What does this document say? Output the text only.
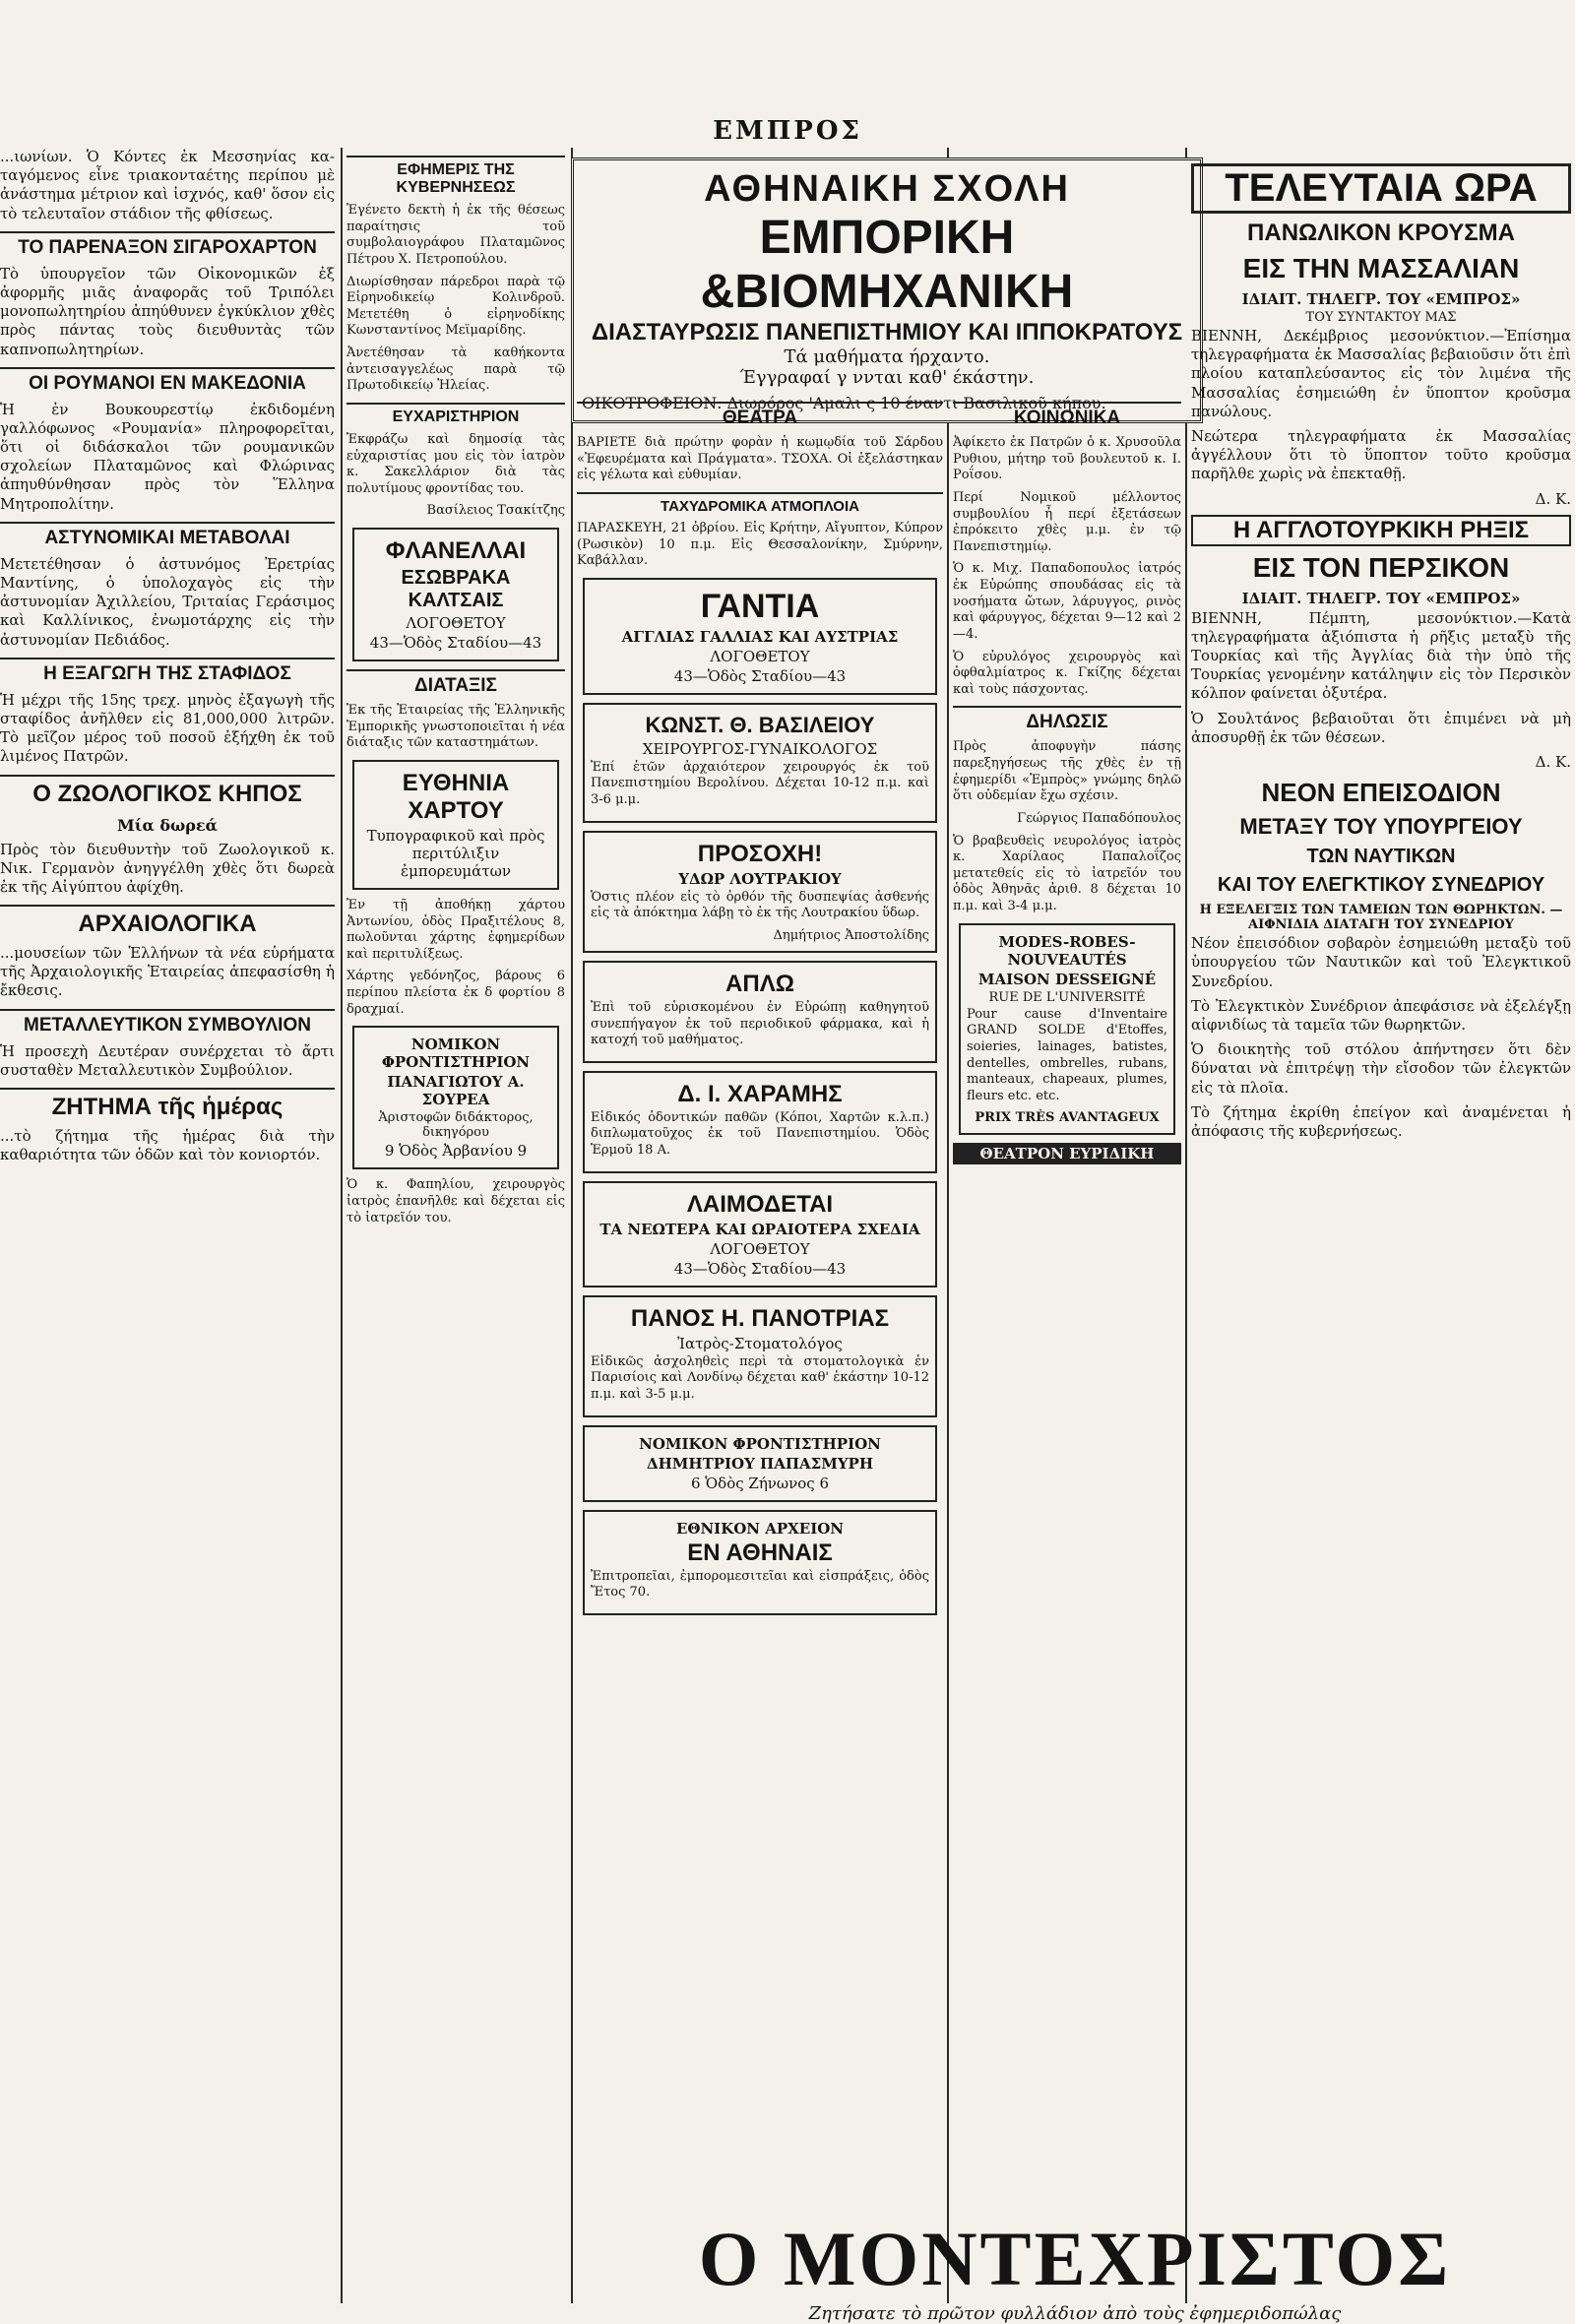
ΕΜΠΡΟΣ

...ιωνίων. Ὁ Κόντες ἐκ Μεσσηνίας καταγόμενος εἶνε τριακονταέτης περίπου μὲ ἀνάστημα μέτριον καὶ ἰσχνός, καθ' ὅσον εἰς τὸ τελευταῖον στάδιον τῆς φθίσεως.

ΤΟ ΠΑΡΕΝΑΞΟΝ ΣΙΓΑΡΟΧΑΡΤΟΝ

Τὸ ὑπουργεῖον τῶν Οἰκονομικῶν ἐξ ἀφορμῆς μιᾶς ἀναφορᾶς τοῦ Τριπόλει μονοπωλητηρίου ἀπηύθυνεν ἐγκύκλιον χθὲς πρὸς πάντας τοὺς διευθυντὰς τῶν καπνοπωλητηρίων.

ΟΙ ΡΟΥΜΑΝΟΙ ΕΝ ΜΑΚΕΔΟΝΙΑ

Ἡ ἐν Βουκουρεστίῳ ἐκδιδομένη γαλλόφωνος «Ρουμανία» πληροφορεῖται, ὅτι οἱ διδάσκαλοι τῶν ρουμανικῶν σχολείων Πλαταμῶνος καὶ Φλώρινας ἀπηυθύνθησαν πρὸς τὸν Ἕλληνα Μητροπολίτην.

ΑΣΤΥΝΟΜΙΚΑΙ ΜΕΤΑΒΟΛΑΙ

Μετετέθησαν ὁ ἀστυνόμος Ἐρετρίας Μαντίνης, ὁ ὑπολοχαγὸς εἰς τὴν ἀστυνομίαν Ἀχιλλείου, Τριταίας Γεράσιμος καὶ Καλλίνικος, ἐνωμοτάρχης εἰς τὴν ἀστυνομίαν Πεδιάδος.

Η ΕΞΑΓΩΓΗ ΤΗΣ ΣΤΑΦΙΔΟΣ

Ἡ μέχρι τῆς 15ης τρεχ. μηνὸς ἐξαγωγὴ τῆς σταφίδος ἀνῆλθεν εἰς 81,000,000 λιτρῶν. Τὸ μεῖζον μέρος τοῦ ποσοῦ ἐξήχθη ἐκ τοῦ λιμένος Πατρῶν.

Ο ΖΩΟΛΟΓΙΚΟΣ ΚΗΠΟΣ
Μία δωρεά

Πρὸς τὸν διευθυντὴν τοῦ Ζωολογικοῦ κ. Νικ. Γερμανὸν ἀνηγγέλθη χθὲς ὅτι δωρεὰ ἐκ τῆς Αἰγύπτου ἀφίχθη.

ΑΡΧΑΙΟΛΟΓΙΚΑ

...μουσείων τῶν Ἑλλήνων τὰ νέα εὑρήματα τῆς Ἀρχαιολογικῆς Ἑταιρείας ἀπεφασίσθη ἡ ἔκθεσις.

ΜΕΤΑΛΛΕΥΤΙΚΟΝ ΣΥΜΒΟΥΛΙΟΝ

Ἡ προσεχὴ Δευτέραν συνέρχεται τὸ ἄρτι συσταθὲν Μεταλλευτικὸν Συμβούλιον.

ΖΗΤΗΜΑ τῆς ἡμέρας

...τὸ ζήτημα τῆς ἡμέρας διὰ τὴν καθαριότητα τῶν ὁδῶν καὶ τὸν κονιορτόν.

ΕΦΗΜΕΡΙΣ ΤΗΣ ΚΥΒΕΡΝΗΣΕΩΣ

Ἐγένετο δεκτὴ ἡ ἐκ τῆς θέσεως παραίτησις τοῦ συμβολαιογράφου Πλαταμῶνος Πέτρου Χ. Πετροπούλου.

Διωρίσθησαν πάρεδροι παρὰ τῷ Εἰρηνοδικείῳ Κολινδροῦ. Μετετέθη ὁ εἰρηνοδίκης Κωνσταντίνος Μεϊμαρίδης.

Ἀνετέθησαν τὰ καθήκοντα ἀντεισαγγελέως παρὰ τῷ Πρωτοδικείῳ Ἠλείας.

ΕΥΧΑΡΙΣΤΗΡΙΟΝ

Ἐκφράζω καὶ δημοσίᾳ τὰς εὐχαριστίας μου εἰς τὸν ἰατρὸν κ. Σακελλάριον διὰ τὰς πολυτίμους φροντίδας του.

Βασίλειος Τσακίτζης

ΦΛΑΝΕΛΛΑΙ
ΕΣΩΒΡΑΚΑ ΚΑΛΤΣΑΙΣ
ΛΟΓΟΘΕΤΟΥ
43—Ὁδὸς Σταδίου—43
ΔΙΑΤΑΞΙΣ

Ἐκ τῆς Ἑταιρείας τῆς Ἑλληνικῆς Ἐμπορικῆς γνωστοποιεῖται ἡ νέα διάταξις τῶν καταστημάτων.

ΕΥΘΗΝΙΑ ΧΑΡΤΟΥ
Τυπογραφικοῦ καὶ πρὸς περιτύλιξιν ἐμπορευμάτων

Ἐν τῇ ἀποθήκῃ χάρτου Ἀντωνίου, ὁδὸς Πραξιτέλους 8, πωλοῦνται χάρτης ἐφημερίδων καὶ περιτυλίξεως.

Χάρτης γεδόνηζος, βάρους 6 περίπου πλείστα ἐκ δ φορτίου 8 δραχμαί.

ΝΟΜΙΚΟΝ ΦΡΟΝΤΙΣΤΗΡΙΟΝ
ΠΑΝΑΓΙΩΤΟΥ Α. ΣΟΥΡΕΑ
Ἀριστοφῶν διδάκτορος, δικηγόρου
9 Ὁδὸς Ἀρβανίου 9

Ὁ κ. Φαπηλίου, χειρουργὸς ἰατρὸς ἐπανῆλθε καὶ δέχεται εἰς τὸ ἰατρεῖόν του.

ΑΘΗΝΑΙΚΗ ΣΧΟΛΗ
ΕΜΠΟΡΙΚΗ &ΒΙΟΜΗΧΑΝΙΚΗ
ΔΙΑΣΤΑΥΡΩΣΙΣ ΠΑΝΕΠΙΣΤΗΜΙΟΥ ΚΑΙ ΙΠΠΟΚΡΑΤΟΥΣ
Τά μαθήματα ήρχαντο.
Έγγραφαί γ ννται καθ' έκάστην.
ΟΙΚΟΤΡΟΦΕΙΟΝ. Διωρόρος 'Αμαλι ς 10 έναντι Βασιλικοῦ κήπου.
ΘΕΑΤΡΑ

ΒΑΡΙΕΤΕ διὰ πρώτην φορὰν ἡ κωμῳδία τοῦ Σάρδου «Ἐφευρέματα καὶ Πράγματα». ΤΣΟΧΑ. Οἱ ἐξελάστηκαν εἰς γέλωτα καὶ εὐθυμίαν.

ΤΑΧΥΔΡΟΜΙΚΑ ΑΤΜΟΠΛΟΙΑ

ΠΑΡΑΣΚΕΥΗ, 21 ὀβρίου. Εἰς Κρήτην, Αἴγυπτον, Κύπρον (Ρωσικὸν) 10 π.μ. Εἰς Θεσσαλονίκην, Σμύρνην, Καβάλλαν.

ΓΑΝΤΙΑ
ΑΓΓΛΙΑΣ ΓΑΛΛΙΑΣ ΚΑΙ ΑΥΣΤΡΙΑΣ
ΛΟΓΟΘΕΤΟΥ
43—Ὁδὸς Σταδίου—43
ΚΩΝΣΤ. Θ. ΒΑΣΙΛΕΙΟΥ
ΧΕΙΡΟΥΡΓΟΣ-ΓΥΝΑΙΚΟΛΟΓΟΣ

Ἐπί ἑτῶν ἀρχαιότερον χειρουργός ἐκ τοῦ Πανεπιστημίου Βερολίνου. Δέχεται 10-12 π.μ. καὶ 3-6 μ.μ.

ΠΡΟΣΟΧΗ!
ΥΔΩΡ ΛΟΥΤΡΑΚΙΟΥ

Ὁστις πλέον εἰς τὸ ὀρθόν τῆς δυσπεψίας ἀσθενής εἰς τὰ ἀπόκτημα λάβῃ τὸ ἐκ τῆς Λουτρακίου ὕδωρ.

Δημήτριος Ἀποστολίδης
ΑΠΛΩ

Ἐπὶ τοῦ εὑρισκομένου ἐν Εὐρώπῃ καθηγητοῦ συνεπήγαγον ἐκ τοῦ περιοδικοῦ φάρμακα, καὶ ἡ κατοχή τοῦ μαθήματος.

Δ. Ι. ΧΑΡΑΜΗΣ

Εἰδικός ὀδοντικών παθῶν (Κόποι, Χαρτῶν κ.λ.π.) διπλωματοῦχος ἐκ τοῦ Πανεπιστημίου. Ὁδὸς Ἑρμοῦ 18 Α.

ΛΑΙΜΟΔΕΤΑΙ
ΤΑ ΝΕΩΤΕΡΑ ΚΑΙ ΩΡΑΙΟΤΕΡΑ ΣΧΕΔΙΑ
ΛΟΓΟΘΕΤΟΥ
43—Ὁδὸς Σταδίου—43
ΠΑΝΟΣ Η. ΠΑΝΟΤΡΙΑΣ
Ἰατρὸς-Στοματολόγος

Εἰδικῶς ἀσχοληθεὶς περὶ τὰ στοματολογικὰ ἐν Παρισίοις καὶ Λονδίνῳ δέχεται καθ' ἑκάστην 10-12 π.μ. καὶ 3-5 μ.μ.

ΝΟΜΙΚΟΝ ΦΡΟΝΤΙΣΤΗΡΙΟΝ
ΔΗΜΗΤΡΙΟΥ ΠΑΠΑΣΜΥΡΗ
6 Ὁδὸς Ζήνωνος 6
ΕΘΝΙΚΟΝ ΑΡΧΕΙΟΝ
ΕΝ ΑΘΗΝΑΙΣ

Ἐπιτροπεῖαι, ἐμπορομεσιτεῖαι καὶ εἰσπράξεις, ὁδὸς Ἔτος 70.

ΚΟΙΝΩΝΙΚΑ

Ἀφίκετο ἐκ Πατρῶν ὁ κ. Χρυσοῦλα Ρυθιου, μήτηρ τοῦ βουλευτοῦ κ. Ι. Ροΐσου.

Περί Νομικοῦ μέλλοντος συμβουλίου ἦ περί ἐξετάσεων ἐπρόκειτο χθὲς μ.μ. ἐν τῷ Πανεπιστημίῳ.

Ὁ κ. Μιχ. Παπαδοπουλος ἰατρός ἐκ Εὐρώπης σπουδάσας εἰς τὰ νοσήματα ὤτων, λάρυγγος, ρινὸς καὶ φάρυγγος, δέχεται 9—12 καὶ 2—4.

Ὁ εὐρυλόγος χειρουργὸς καὶ ὀφθαλμίατρος κ. Γκίζης δέχεται καὶ τοὺς πάσχοντας.

ΔΗΛΩΣΙΣ

Πρὸς ἀποφυγὴν πάσης παρεξηγήσεως τῆς χθὲς ἐν τῇ ἐφημερίδι «Ἐμπρὸς» γνώμης δηλῶ ὅτι οὐδεμίαν ἔχω σχέσιν.

Γεώργιος Παπαδόπουλος

Ὁ βραβευθεὶς νευρολόγος ἰατρὸς κ. Χαρίλαος Παπαλοΐζος μετατεθείς εἰς τὸ ἰατρεῖόν του ὁδὸς Ἀθηνᾶς ἀριθ. 8 δέχεται 10 π.μ. καὶ 3-4 μ.μ.

MODES-ROBES-NOUVEAUTÉS
MAISON DESSEIGNÉ
RUE DE L'UNIVERSITÉ

Pour cause d'Inventaire GRAND SOLDE d'Etoffes, soieries, lainages, batistes, dentelles, ombrelles, rubans, manteaux, chapeaux, plumes, fleurs etc. etc.

PRIX TRÈS AVANTAGEUX
ΘΕΑΤΡΟΝ ΕΥΡΙΔΙΚΗ
ΤΕΛΕΥΤΑΙΑ ΩΡΑ
ΠΑΝΩΛΙΚΟΝ ΚΡΟΥΣΜΑ
ΕΙΣ ΤΗΝ ΜΑΣΣΑΛΙΑΝ
ΙΔΙΑΙΤ. ΤΗΛΕΓΡ. ΤΟΥ «ΕΜΠΡΟΣ»
ΤΟΥ ΣΥΝΤΑΚΤΟΥ ΜΑΣ

ΒΙΕΝΝΗ, Δεκέμβριος μεσονύκτιον.—Ἐπίσημα τηλεγραφήματα ἐκ Μασσαλίας βεβαιοῦσιν ὅτι ἐπὶ πλοίου καταπλεύσαντος εἰς τὸν λιμένα τῆς Μασσαλίας ἐσημειώθη ἐν ὕποπτον κροῦσμα πανώλους.

Νεώτερα τηλεγραφήματα ἐκ Μασσαλίας ἀγγέλλουν ὅτι τὸ ὕποπτον τοῦτο κροῦσμα παρῆλθε χωρὶς νὰ ἐπεκταθῇ.

Δ. Κ.

Η ΑΓΓΛΟΤΟΥΡΚΙΚΗ ΡΗΞΙΣ
ΕΙΣ ΤΟΝ ΠΕΡΣΙΚΟΝ
ΙΔΙΑΙΤ. ΤΗΛΕΓΡ. ΤΟΥ «ΕΜΠΡΟΣ»

ΒΙΕΝΝΗ, Πέμπτη, μεσονύκτιον.—Κατὰ τηλεγραφήματα ἀξιόπιστα ἡ ρῆξις μεταξὺ τῆς Τουρκίας καὶ τῆς Ἀγγλίας διὰ τὴν ὑπὸ τῆς Τουρκίας γενομένην κατάληψιν εἰς τὸν Περσικὸν κόλπον φαίνεται ὀξυτέρα.

Ὁ Σουλτάνος βεβαιοῦται ὅτι ἐπιμένει νὰ μὴ ἀποσυρθῇ ἐκ τῶν θέσεων.

Δ. Κ.

ΝΕΟΝ ΕΠΕΙΣΟΔΙΟΝ
ΜΕΤΑΞΥ ΤΟΥ ΥΠΟΥΡΓΕΙΟΥ
ΤΩΝ ΝΑΥΤΙΚΩΝ
ΚΑΙ ΤΟΥ ΕΛΕΓΚΤΙΚΟΥ ΣΥΝΕΔΡΙΟΥ
Η ΕΞΕΛΕΓΞΙΣ ΤΩΝ ΤΑΜΕΙΩΝ ΤΩΝ ΘΩΡΗΚΤΩΝ. — ΑΙΦΝΙΔΙΑ ΔΙΑΤΑΓΗ ΤΟΥ ΣΥΝΕΔΡΙΟΥ

Νέον ἐπεισόδιον σοβαρὸν ἐσημειώθη μεταξὺ τοῦ ὑπουργείου τῶν Ναυτικῶν καὶ τοῦ Ἐλεγκτικοῦ Συνεδρίου.

Τὸ Ἐλεγκτικὸν Συνέδριον ἀπεφάσισε νὰ ἐξελέγξῃ αἰφνιδίως τὰ ταμεῖα τῶν θωρηκτῶν.

Ὁ διοικητὴς τοῦ στόλου ἀπήντησεν ὅτι δὲν δύναται νὰ ἐπιτρέψῃ τὴν εἴσοδον τῶν ἐλεγκτῶν εἰς τὰ πλοῖα.

Τὸ ζήτημα ἐκρίθη ἐπείγον καὶ ἀναμένεται ἡ ἀπόφασις τῆς κυβερνήσεως.

Ο ΜΟΝΤΕΧΡΙΣΤΟΣ
Ζητήσατε τὸ πρῶτον φυλλάδιον ἀπὸ τοὺς ἐφημεριδοπώλας
